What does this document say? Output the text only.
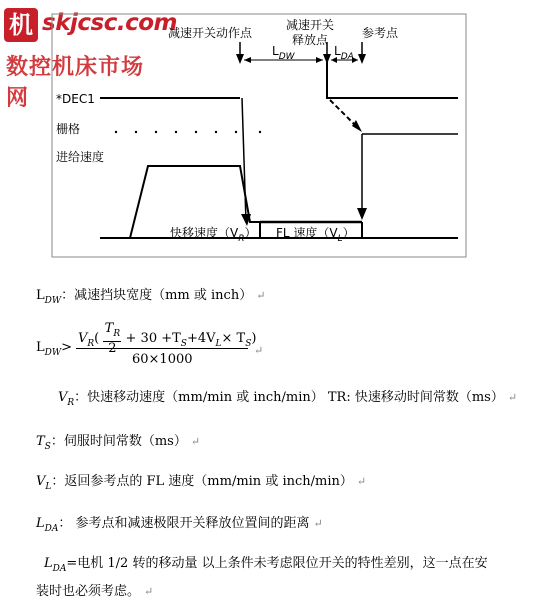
机 skjcsc.com
数控机床市场网
减速开关动作点
减速开关
释放点	参考点
$L_{DW}$	$L_{DA}$
*DEC1
栅格
进给速度
快移速度$(V_R)$ FL 速度$(V_L)$
$L_{DW}$：减速挡块宽度（mm 或 inch） ↵
$L_{DW}>$
$V_R$( $T_R$
$2 + 30 +T_S+4V_L\times T_S$)
60×1000
↵
$V_R$：快速移动速度（mm/min 或 inch/min） TR: 快速移动时间常数（ms） ↵
$T_S$：伺服时间常数（ms） ↵
$V_L$：返回参考点的 FL 速度（mm/min 或 inch/min） ↵
$L_{DA}$： 参考点和减速极限开关释放位置间的距离 ↵
$L_{DA}=$电机 1/2 转的移动量 以上条件未考虑限位开关的特性差别，这一点在安
装时也必须考虑。 ↵
